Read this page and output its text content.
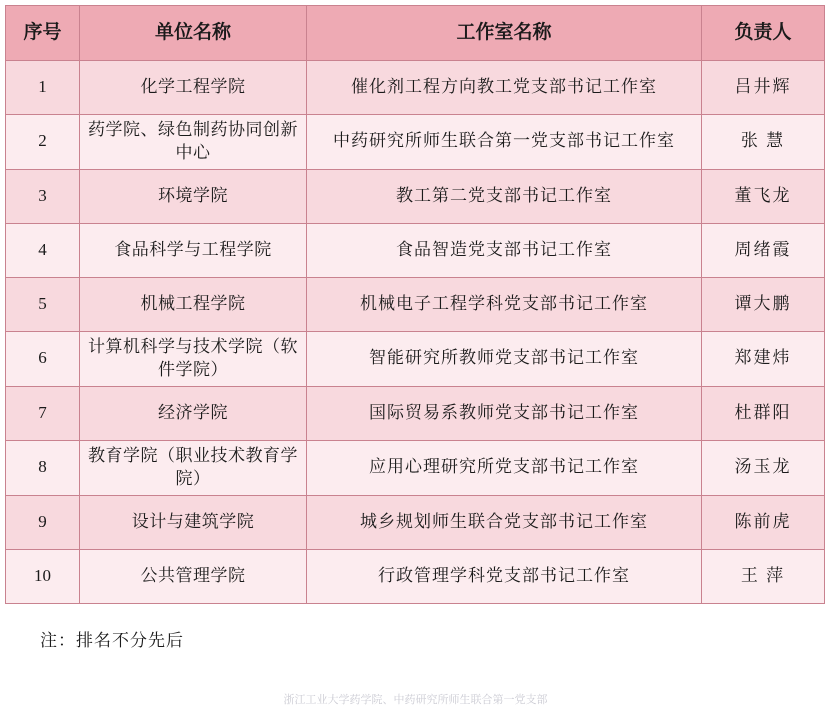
序号	单位名称	工作室名称	负责人
1	化学工程学院	催化剂工程方向教工党支部书记工作室	吕井辉
2	药学院、绿色制药协同创新中心	中药研究所师生联合第一党支部书记工作室	张 慧
3	环境学院	教工第二党支部书记工作室	董飞龙
4	食品科学与工程学院	食品智造党支部书记工作室	周绪霞
5	机械工程学院	机械电子工程学科党支部书记工作室	谭大鹏
6	计算机科学与技术学院（软件学院）	智能研究所教师党支部书记工作室	郑建炜
7	经济学院	国际贸易系教师党支部书记工作室	杜群阳
8	教育学院（职业技术教育学院）	应用心理研究所党支部书记工作室	汤玉龙
9	设计与建筑学院	城乡规划师生联合党支部书记工作室	陈前虎
10	公共管理学院	行政管理学科党支部书记工作室	王 萍
注：排名不分先后
浙江工业大学药学院、中药研究所师生联合第一党支部
